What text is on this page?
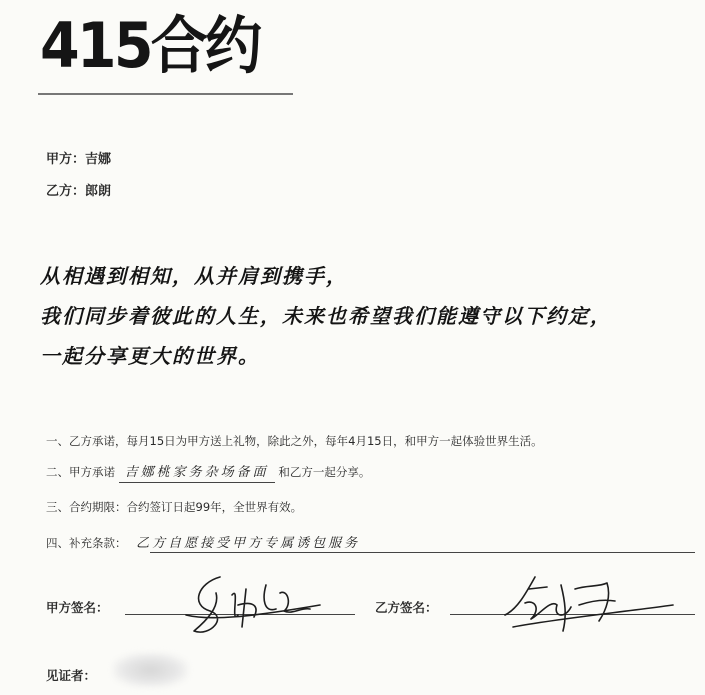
415合约
甲方：吉娜
乙方：郎朗
从相遇到相知，从并肩到携手，
我们同步着彼此的人生，未来也希望我们能遵守以下约定，
一起分享更大的世界。
一、乙方承诺，每月15日为甲方送上礼物，除此之外，每年4月15日，和甲方一起体验世界生活。
二、甲方承诺 吉娜桃家务杂场备面 和乙方一起分享。
三、合约期限：合约签订日起99年，全世界有效。
四、补充条款： 乙方自愿接受甲方专属诱包服务
甲方签名：	乙方签名：
见证者：
